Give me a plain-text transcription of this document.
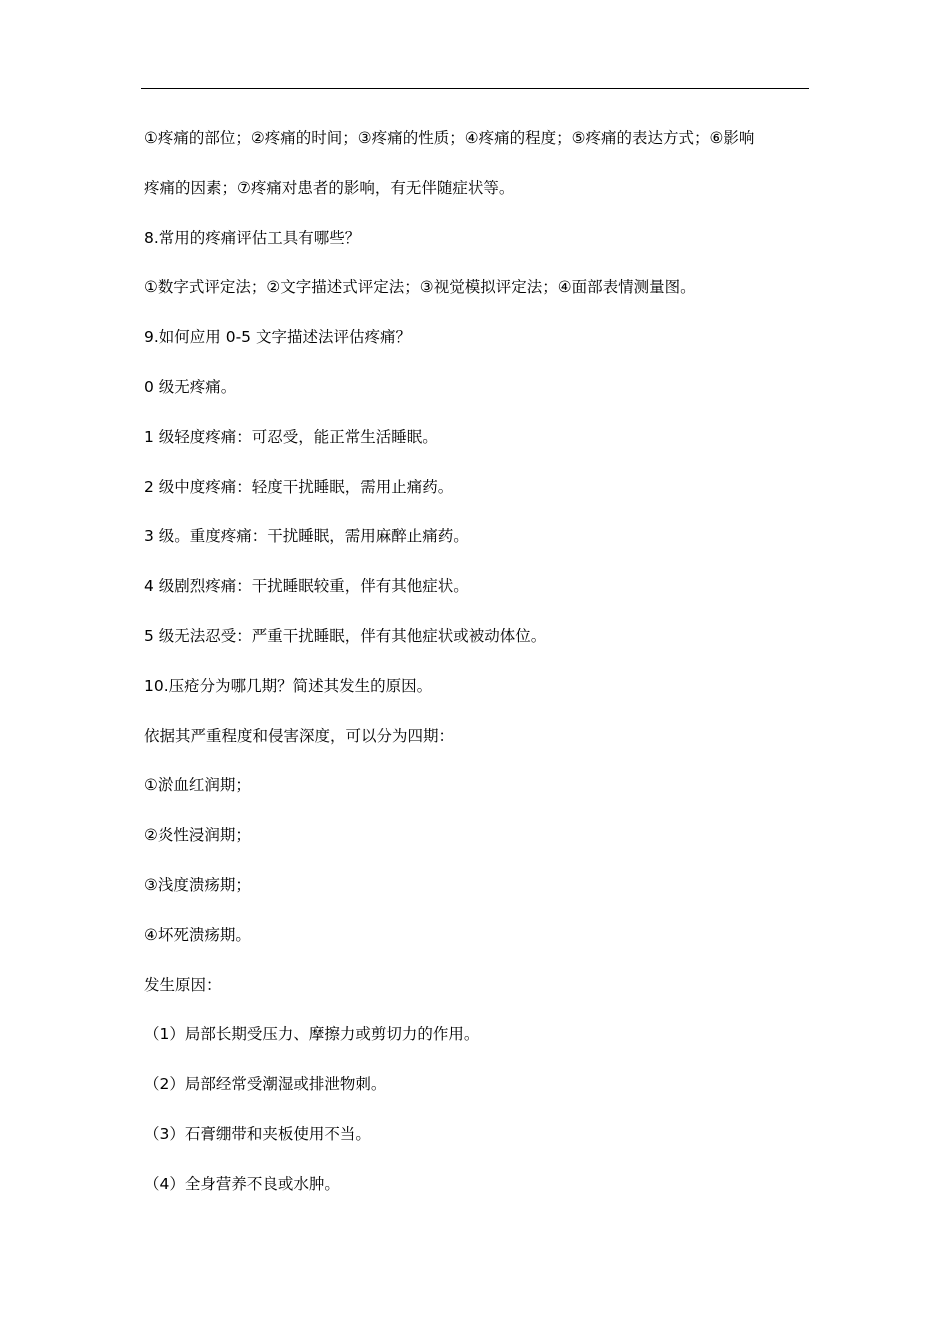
①疼痛的部位；②疼痛的时间；③疼痛的性质；④疼痛的程度；⑤疼痛的表达方式；⑥影响
疼痛的因素；⑦疼痛对患者的影响，有无伴随症状等。
8.常用的疼痛评估工具有哪些？
①数字式评定法；②文字描述式评定法；③视觉模拟评定法；④面部表情测量图。
9.如何应用 0-5 文字描述法评估疼痛？
0 级无疼痛。
1 级轻度疼痛：可忍受，能正常生活睡眠。
2 级中度疼痛：轻度干扰睡眠，需用止痛药。
3 级。重度疼痛：干扰睡眠，需用麻醉止痛药。
4 级剧烈疼痛：干扰睡眠较重，伴有其他症状。
5 级无法忍受：严重干扰睡眠，伴有其他症状或被动体位。
10.压疮分为哪几期？简述其发生的原因。
依据其严重程度和侵害深度，可以分为四期：
①淤血红润期；
②炎性浸润期；
③浅度溃疡期；
④坏死溃疡期。
发生原因：
（1）局部长期受压力、摩擦力或剪切力的作用。
（2）局部经常受潮湿或排泄物刺。
（3）石膏绷带和夹板使用不当。
（4）全身营养不良或水肿。
